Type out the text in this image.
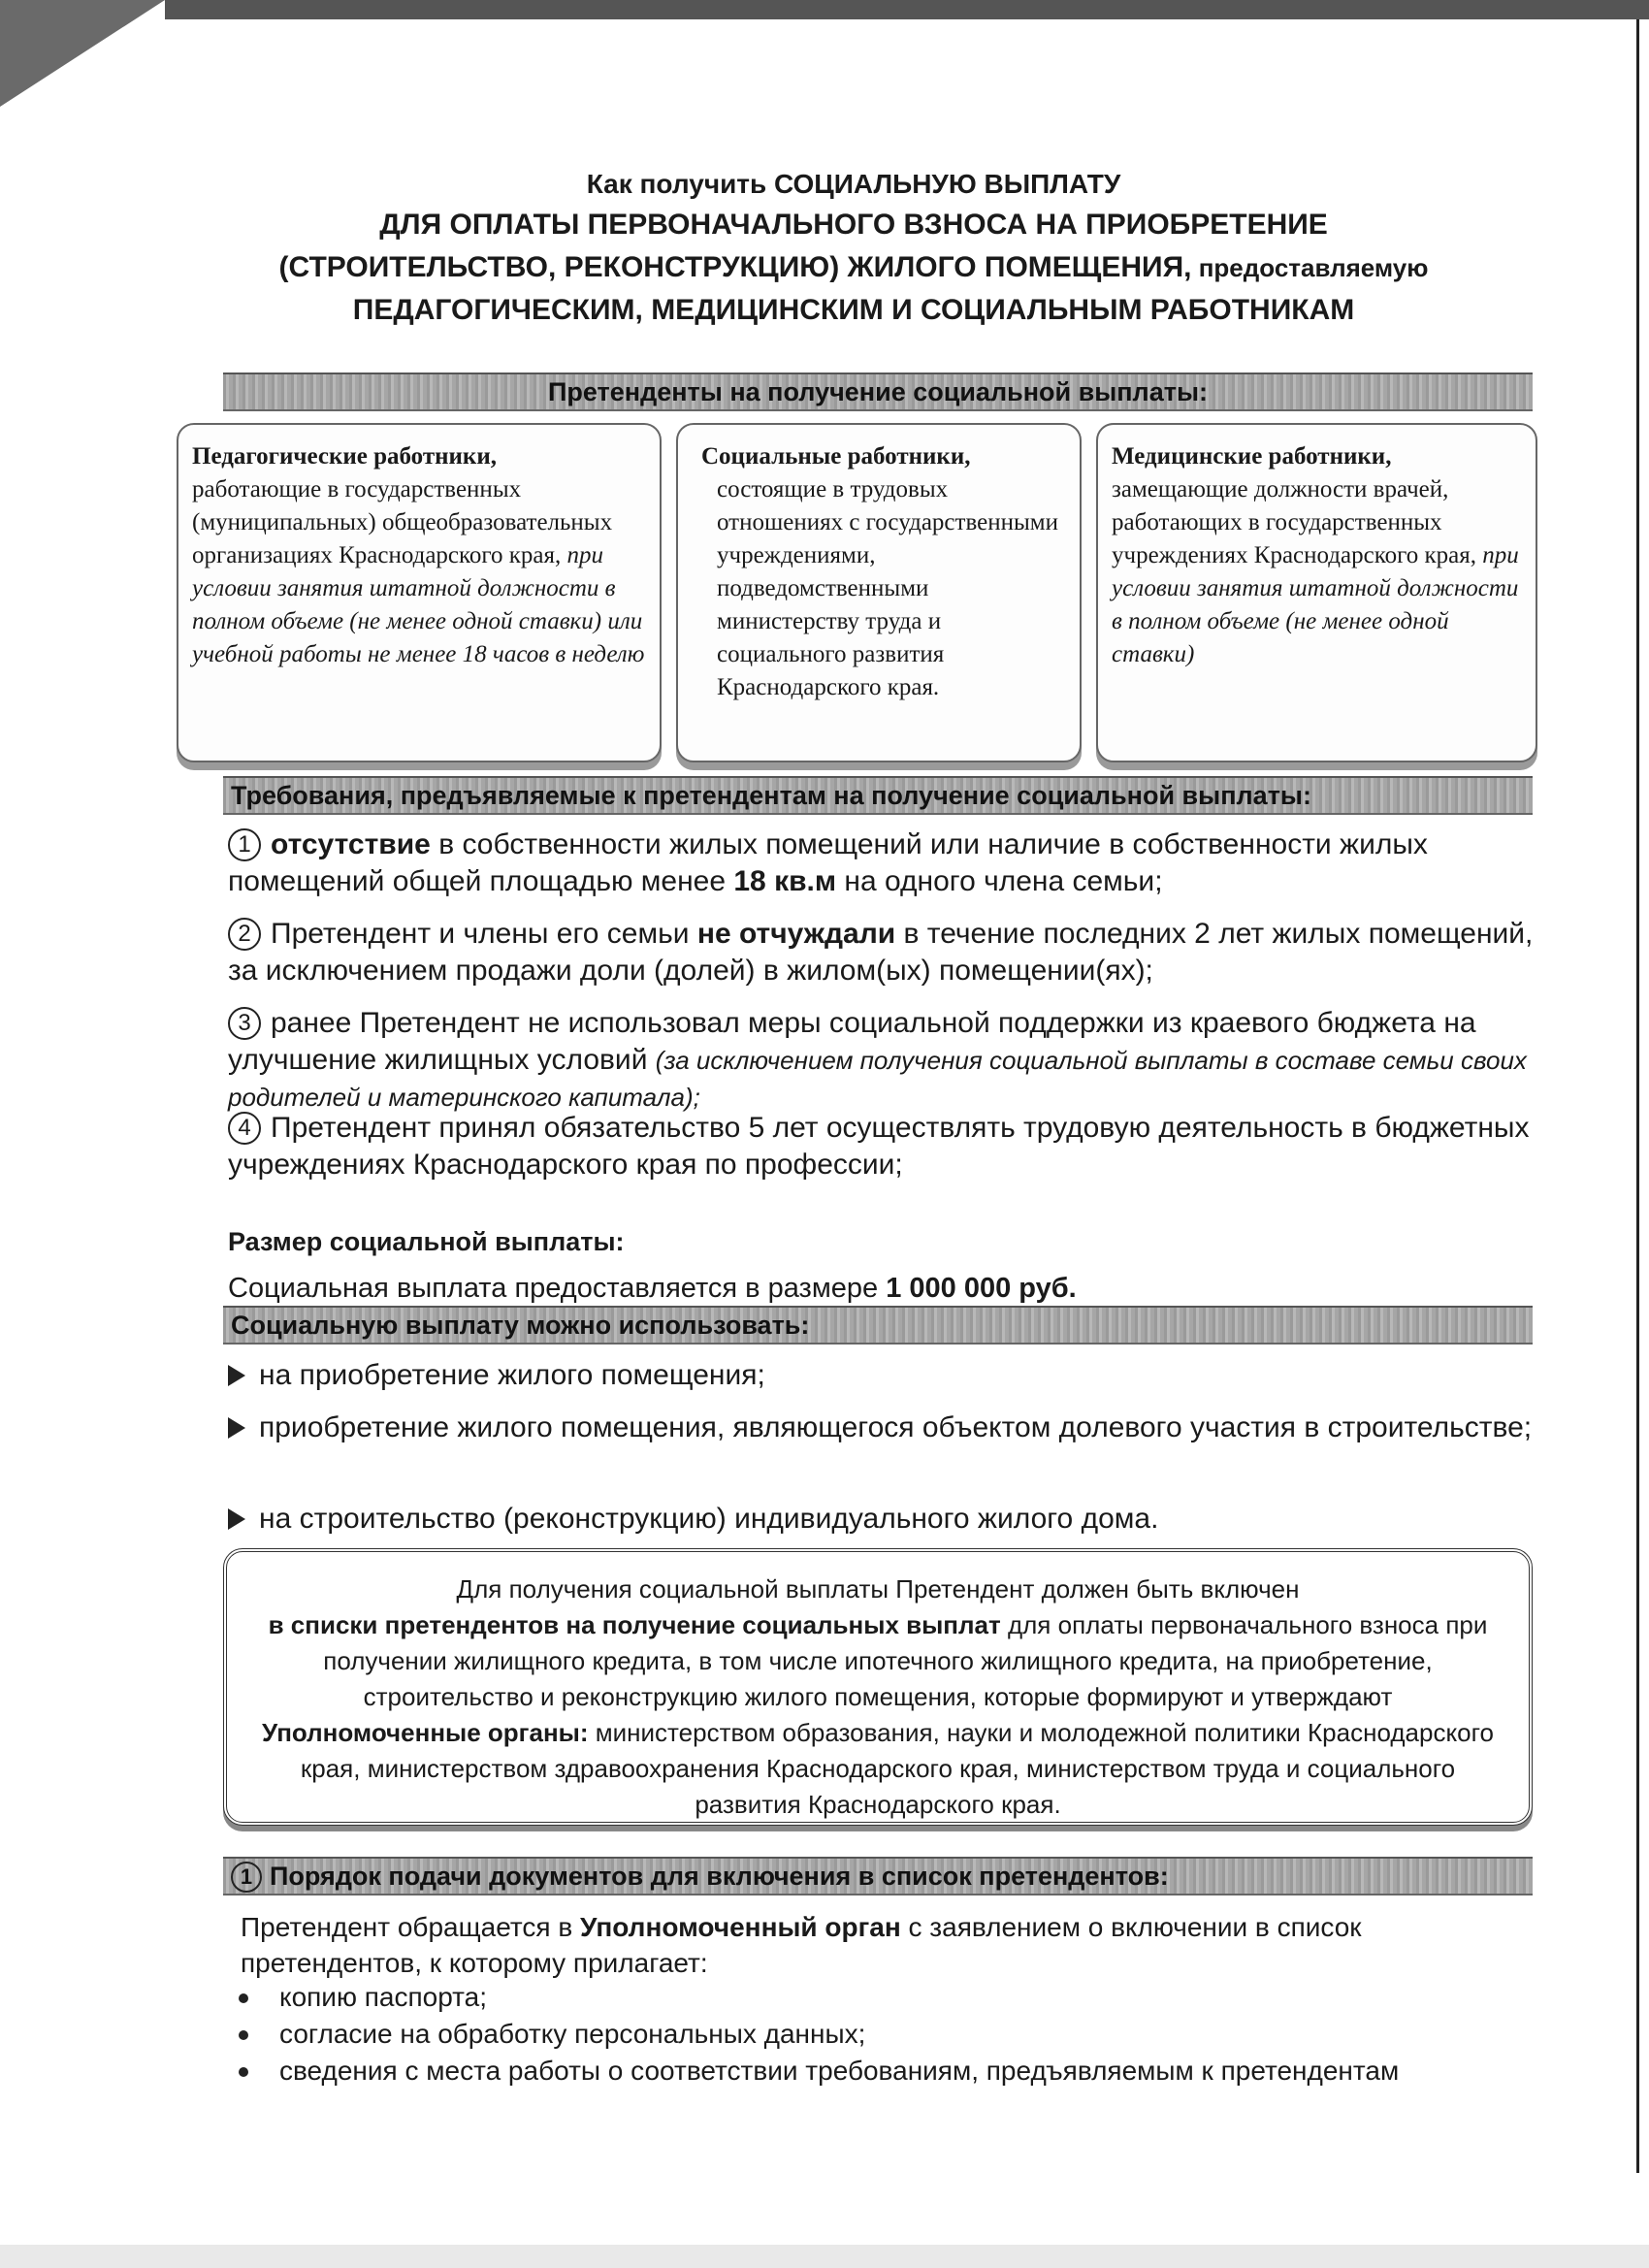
Как получить СОЦИАЛЬНУЮ ВЫПЛАТУ
ДЛЯ ОПЛАТЫ ПЕРВОНАЧАЛЬНОГО ВЗНОСА НА ПРИОБРЕТЕНИЕ
(СТРОИТЕЛЬСТВО, РЕКОНСТРУКЦИЮ) ЖИЛОГО ПОМЕЩЕНИЯ, предоставляемую
ПЕДАГОГИЧЕСКИМ, МЕДИЦИНСКИМ И СОЦИАЛЬНЫМ РАБОТНИКАМ
Претенденты на получение социальной выплаты:
Педагогические работники,
работающие в государственных (муниципальных) общеобразовательных организациях Краснодарского края, при условии занятия штатной должности в полном объеме (не менее одной ставки) или учебной работы не менее 18 часов в неделю
Социальные работники,
состоящие в трудовых отношениях с государственными учреждениями, подведомственными министерству труда и социального развития Краснодарского края.
Медицинские работники,
замещающие должности врачей, работающих в государственных учреждениях Краснодарского края, при условии занятия штатной должности в полном объеме (не менее одной ставки)
Требования, предъявляемые к претендентам на получение социальной выплаты:
1 отсутствие в собственности жилых помещений или наличие в собственности жилых помещений общей площадью менее 18 кв.м на одного члена семьи;
2 Претендент и члены его семьи не отчуждали в течение последних 2 лет жилых помещений, за исключением продажи доли (долей) в жилом(ых) помещении(ях);
3 ранее Претендент не использовал меры социальной поддержки из краевого бюджета на улучшение жилищных условий (за исключением получения социальной выплаты в составе семьи своих родителей и материнского капитала);
4 Претендент принял обязательство 5 лет осуществлять трудовую деятельность в бюджетных учреждениях Краснодарского края по профессии;
Размер социальной выплаты:
Социальная выплата предоставляется в размере 1 000 000 руб.
Социальную выплату можно использовать:
на приобретение жилого помещения;
приобретение жилого помещения, являющегося объектом долевого участия в строительстве;
на строительство (реконструкцию) индивидуального жилого дома.
Для получения социальной выплаты Претендент должен быть включен
в списки претендентов на получение социальных выплат для оплаты первоначального взноса при получении жилищного кредита, в том числе ипотечного жилищного кредита, на приобретение, строительство и реконструкцию жилого помещения, которые формируют и утверждают Уполномоченные органы: министерством образования, науки и молодежной политики Краснодарского края, министерством здравоохранения Краснодарского края, министерством труда и социального развития Краснодарского края.
1 Порядок подачи документов для включения в список претендентов:
Претендент обращается в Уполномоченный орган с заявлением о включении в список претендентов, к которому прилагает:
копию паспорта;
согласие на обработку персональных данных;
сведения с места работы о соответствии требованиям, предъявляемым к претендентам
